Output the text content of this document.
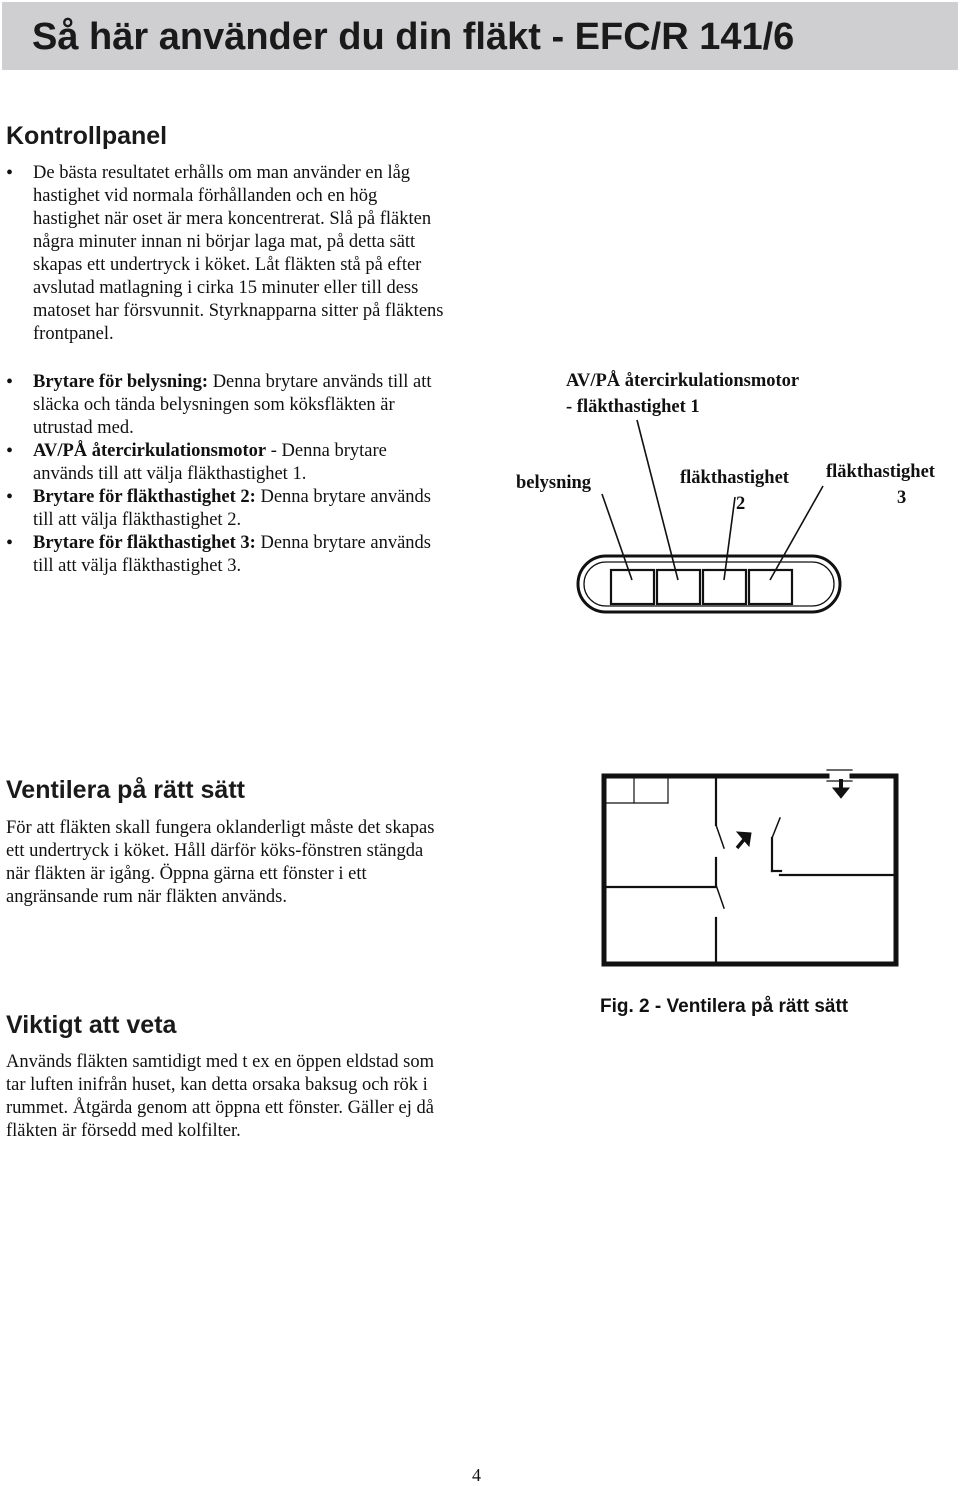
Så här använder du din fläkt - EFC/R 141/6
Kontrollpanel
• De bästa resultatet erhålls om man använder en låg hastighet vid normala förhållanden och en hög hastighet när oset är mera koncentrerat. Slå på fläkten några minuter innan ni börjar laga mat, på detta sätt skapas ett undertryck i köket. Låt fläkten stå på efter avslutad matlagning i cirka 15 minuter eller till dess matoset har försvunnit. Styrknapparna sitter på fläktens frontpanel.
• Brytare för belysning: Denna brytare används till att släcka och tända belysningen som köksfläkten är utrustad med.
• AV/PÅ återcirkulationsmotor - Denna brytare används till att välja fläkthastighet 1.
• Brytare för fläkthastighet 2: Denna brytare används till att välja fläkthastighet 2.
• Brytare för fläkthastighet 3: Denna brytare används till att välja fläkthastighet 3.

AV/PÅ återcirkulationsmotor

- fläkthastighet 1

belysning	fläkthastighet

2

fläkthastighet

3

Ventilera på rätt sätt

För att fläkten skall fungera oklanderligt måste det skapas ett undertryck i köket. Håll därför köks-fönstren stängda när fläkten är igång. Öppna gärna ett fönster i ett angränsande rum när fläkten används.

Fig. 2 - Ventilera på rätt sätt

Viktigt att veta

Används fläkten samtidigt med t ex en öppen eldstad som tar luften inifrån huset, kan detta orsaka baksug och rök i rummet. Åtgärda genom att öppna ett fönster. Gäller ej då fläkten är försedd med kolfilter.

4
